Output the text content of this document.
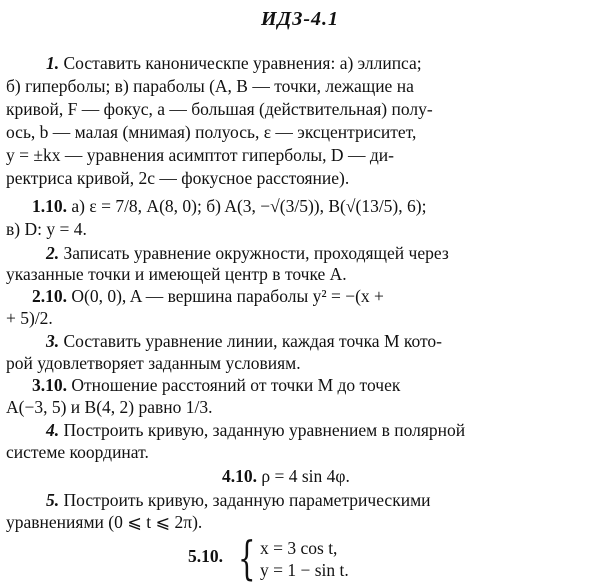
ИДЗ-4.1
1. Составить каноническпе уравнения: а) эллипса;
б) гиперболы; в) параболы (A, B — точки, лежащие на
кривой, F — фокус, a — большая (действительная) полу-
ось, b — малая (мнимая) полуось, ε — эксцентриситет,
y = ±kx — уравнения асимптот гиперболы, D — ди-
ректриса кривой, 2c — фокусное расстояние).
1.10. а) ε = 7/8, A(8, 0); б) A(3, −√(3/5)), B(√(13/5), 6);
в) D: y = 4.
2. Записать уравнение окружности, проходящей через
указанные точки и имеющей центр в точке A.
2.10. O(0, 0), A — вершина параболы y² = −(x +
+ 5)/2.
3. Составить уравнение линии, каждая точка M кото-
рой удовлетворяет заданным условиям.
3.10. Отношение расстояний от точки M до точек
A(−3, 5) и B(4, 2) равно 1/3.
4. Построить кривую, заданную уравнением в полярной
системе координат.
4.10. ρ = 4 sin 4φ.
5. Построить кривую, заданную параметрическими
уравнениями (0 ⩽ t ⩽ 2π).
5.10. { x = 3 cos t,
y = 1 − sin t.
